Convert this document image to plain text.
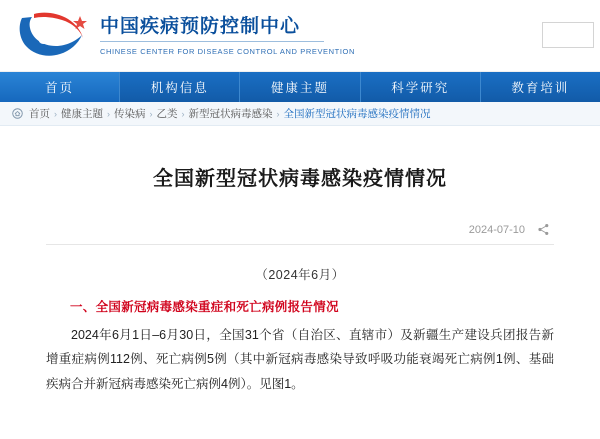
CDC
中国疾病预防控制中心
CHINESE CENTER FOR DISEASE CONTROL AND PREVENTION
首页	机构信息	健康主题	科学研究	教育培训
首页 › 健康主题 › 传染病 › 乙类 › 新型冠状病毒感染 › 全国新型冠状病毒感染疫情情况
全国新型冠状病毒感染疫情情况
2024-07-10
（2024年6月）
一、全国新冠病毒感染重症和死亡病例报告情况
2024年6月1日–6月30日，全国31个省（自治区、直辖市）及新疆生产建设兵团报告新增重症病例112例、死亡病例5例（其中新冠病毒感染导致呼吸功能衰竭死亡病例1例、基础疾病合并新冠病毒感染死亡病例4例）。见图1。
